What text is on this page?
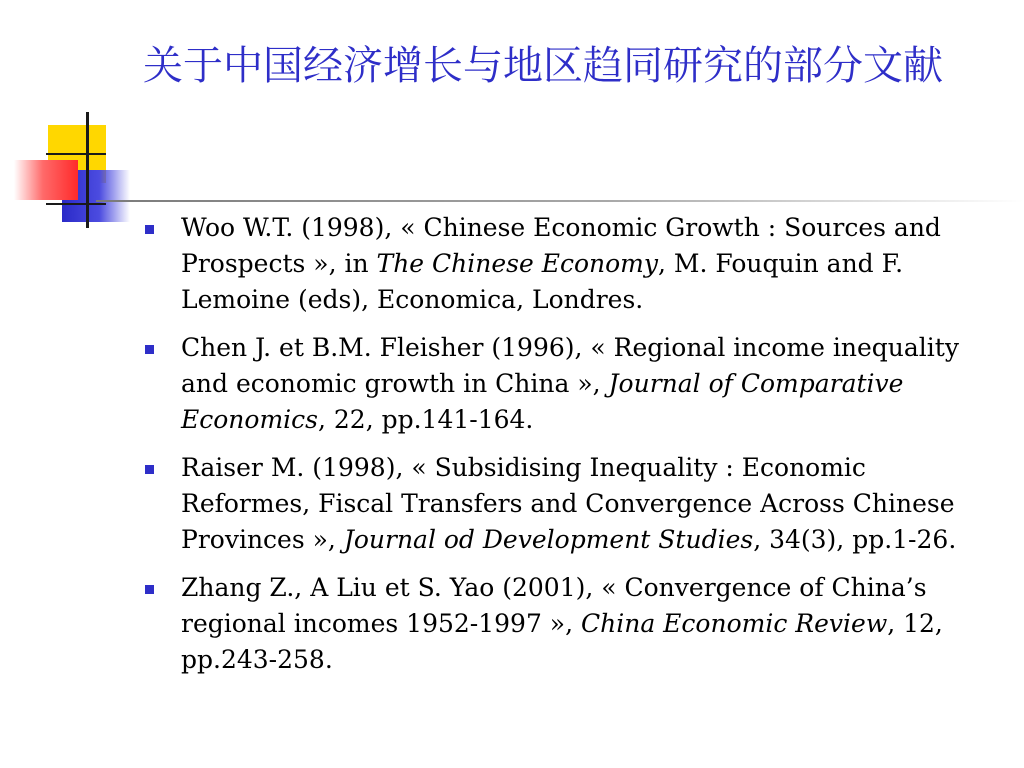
关于中国经济增长与地区趋同研究的部分文献
Woo W.T. (1998), « Chinese Economic Growth : Sources and Prospects », in The Chinese Economy, M. Fouquin and F. Lemoine (eds), Economica, Londres.
Chen J. et B.M. Fleisher (1996), « Regional income inequality and economic growth in China », Journal of Comparative Economics, 22, pp.141-164.
Raiser M. (1998), « Subsidising Inequality : Economic Reformes, Fiscal Transfers and Convergence Across Chinese Provinces », Journal od Development Studies, 34(3), pp.1-26.
Zhang Z., A Liu et S. Yao (2001), « Convergence of China’s regional incomes 1952-1997 », China Economic Review, 12, pp.243-258.
